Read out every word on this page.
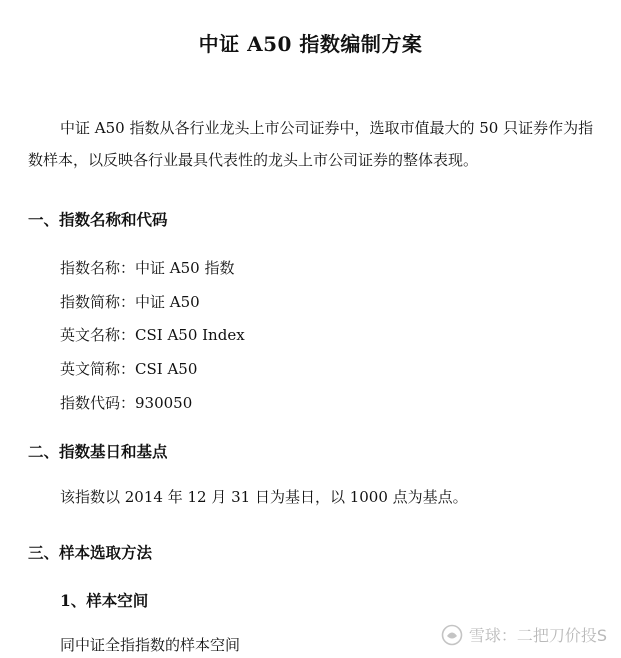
中证 A50 指数编制方案
中证 A50 指数从各行业龙头上市公司证券中，选取市值最大的 50 只证券作为指数样本，以反映各行业最具代表性的龙头上市公司证券的整体表现。
一、指数名称和代码
指数名称：中证 A50 指数
指数简称：中证 A50
英文名称：CSI A50 Index
英文简称：CSI A50
指数代码：930050
二、指数基日和基点
该指数以 2014 年 12 月 31 日为基日，以 1000 点为基点。
三、样本选取方法
1、样本空间
同中证全指指数的样本空间	雪球：二把刀价投S
